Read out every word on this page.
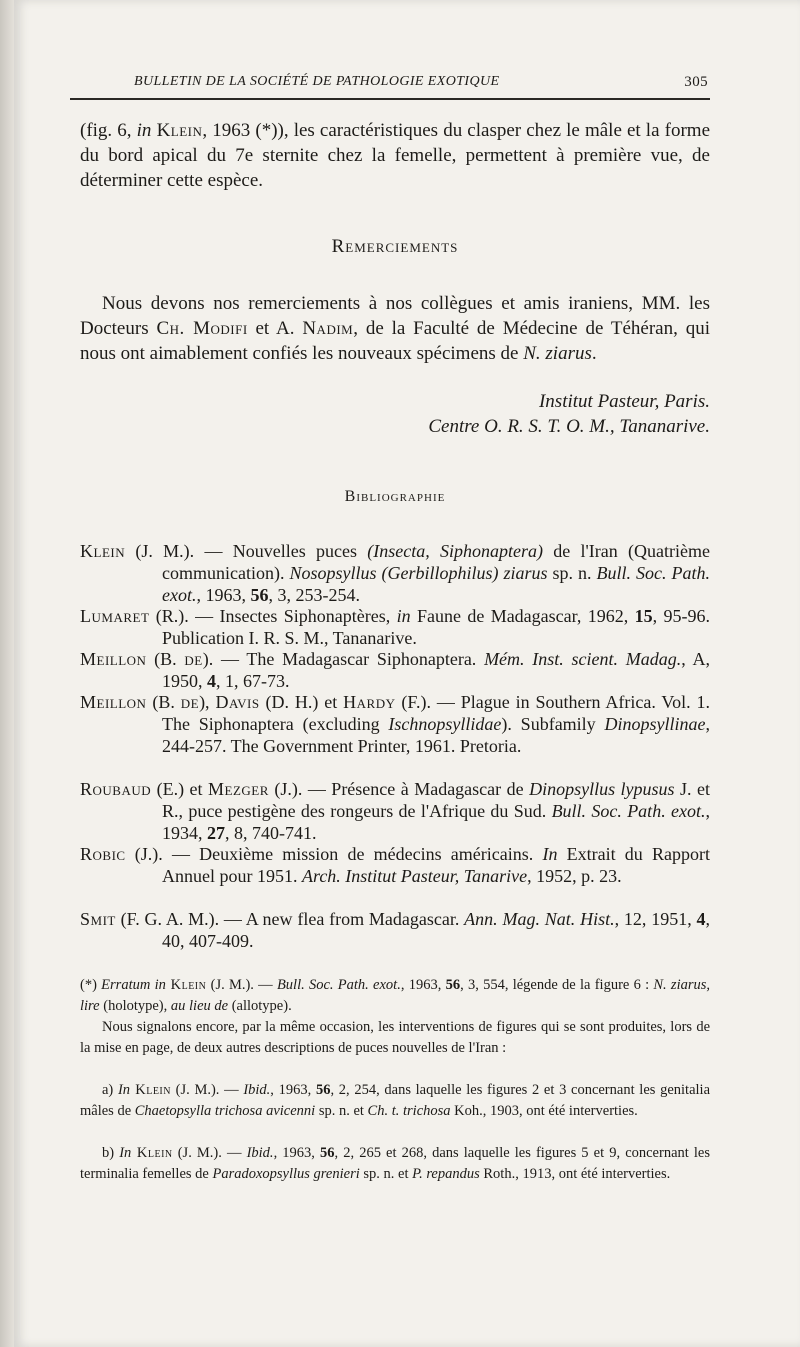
BULLETIN DE LA SOCIÉTÉ DE PATHOLOGIE EXOTIQUE	305
(fig. 6, in Klein, 1963 (*)), les caractéristiques du clasper chez le mâle et la forme du bord apical du 7e sternite chez la femelle, permettent à première vue, de déterminer cette espèce.
Remerciements
Nous devons nos remerciements à nos collègues et amis iraniens, MM. les Docteurs Ch. Modifi et A. Nadim, de la Faculté de Médecine de Téhéran, qui nous ont aimablement confiés les nouveaux spécimens de N. ziarus.
Institut Pasteur, Paris.
Centre O. R. S. T. O. M., Tananarive.
Bibliographie
Klein (J. M.). — Nouvelles puces (Insecta, Siphonaptera) de l'Iran (Quatrième communication). Nosopsyllus (Gerbillophilus) ziarus sp. n. Bull. Soc. Path. exot., 1963, 56, 3, 253-254.
Lumaret (R.). — Insectes Siphonaptères, in Faune de Madagascar, 1962, 15, 95-96. Publication I. R. S. M., Tananarive.
Meillon (B. de). — The Madagascar Siphonaptera. Mém. Inst. scient. Madag., A, 1950, 4, 1, 67-73.
Meillon (B. de), Davis (D. H.) et Hardy (F.). — Plague in Southern Africa. Vol. 1. The Siphonaptera (excluding Ischnopsyllidae). Subfamily Dinopsyllinae, 244-257. The Government Printer, 1961. Pretoria.
Roubaud (E.) et Mezger (J.). — Présence à Madagascar de Dinopsyllus lypusus J. et R., puce pestigène des rongeurs de l'Afrique du Sud. Bull. Soc. Path. exot., 1934, 27, 8, 740-741.
Robic (J.). — Deuxième mission de médecins américains. In Extrait du Rapport Annuel pour 1951. Arch. Institut Pasteur, Tanarive, 1952, p. 23.
Smit (F. G. A. M.). — A new flea from Madagascar. Ann. Mag. Nat. Hist., 12, 1951, 4, 40, 407-409.
(*) Erratum in Klein (J. M.). — Bull. Soc. Path. exot., 1963, 56, 3, 554, légende de la figure 6 : N. ziarus, lire (holotype), au lieu de (allotype).
Nous signalons encore, par la même occasion, les interventions de figures qui se sont produites, lors de la mise en page, de deux autres descriptions de puces nouvelles de l'Iran :
a) In Klein (J. M.). — Ibid., 1963, 56, 2, 254, dans laquelle les figures 2 et 3 concernant les genitalia mâles de Chaetopsylla trichosa avicenni sp. n. et Ch. t. trichosa Koh., 1903, ont été interverties.
b) In Klein (J. M.). — Ibid., 1963, 56, 2, 265 et 268, dans laquelle les figures 5 et 9, concernant les terminalia femelles de Paradoxopsyllus grenieri sp. n. et P. repandus Roth., 1913, ont été interverties.
